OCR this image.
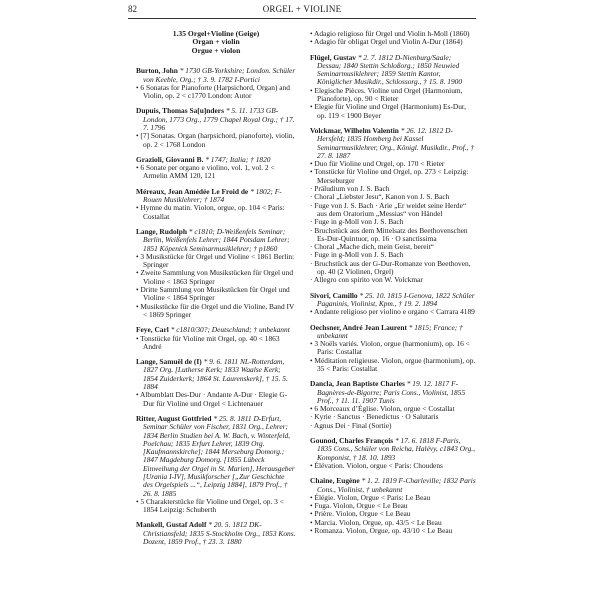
82	ORGEL + VIOLINE
1.35 Orgel+Violine (Geige)
Organ + violin
Orgue + violon

Burton, John * 1730 GB-Yorkshire; London. Schüler von Keeble, Org.; † 3. 9. 1782 I-Portici

• 6 Sonatas for Pianoforte (Harpsichord, Organ) and Violin, op. 2 < c1770 London: Autor

Dupuis, Thomas Sa[u]nders * 5. 11. 1733 GB-London, 1773 Org., 1779 Chapel Royal Org.; † 17. 7. 1796

• [7] Sonatas. Organ (harpsichord, pianoforte), violin, op. 2 < 1768 London

Grazioli, Giovanni B. * 1747; Italia; † 1820

• 6 Sonate per organo e violino, vol. 1, vol. 2 < Armelin AMM 120, 121

Méreaux, Jean Amédée Le Froid de * 1802; F-Rouen Musiklehrer; † 1874

• Hymne du matin. Violon, orgue, op. 104 < Paris: Costallat

Lange, Rudolph * c1810; D-Weißenfels Seminar; Berlin, Weißenfels Lehrer; 1844 Potsdam Lehrer; 1851 Köpenick Seminarmusiklehrer; † p1860

• 3 Musikstücke für Orgel und Violine < 1861 Berlin: Springer
• Zweite Sammlung von Musikstücken für Orgel und Violine < 1863 Springer
• Dritte Sammlung von Musikstücken für Orgel und Violine < 1864 Springer
• Musikstücke für die Orgel und die Violine, Band IV < 1869 Springer

Feye, Carl * c1810/30?; Deutschland; † unbekannt

• Tonstücke für Violine mit Orgel, op. 40 < 1863 André

Lange, Samuël de (I) * 9. 6. 1811 NL-Rotterdam, 1827 Org. [Lutherse Kerk; 1833 Waalse Kerk; 1854 Zuiderkerk; 1864 St. Laurenskerk], † 15. 5. 1884

• Albumblatt Des-Dur · Andante A-Dur · Elegie G-Dur für Violine und Orgel < Lichtenauer

Ritter, August Gottfried * 25. 8. 1811 D-Erfurt, Seminar Schüler von Fischer, 1831 Org., Lehrer; 1834 Berlin Studien bei A. W. Bach, v. Winterfeld, Poelchau; 1835 Erfurt Lehrer, 1839 Org. [Kaufmannskirche]; 1844 Merseburg Domorg.; 1847 Magdeburg Domorg. [1855 Lübeck Einweihung der Orgel in St. Marien], Herausgeber [Urania I-IV], Musikforscher [„Zur Geschichte des Orgelspiels ...“, Leipzig 1884], 1879 Prof., † 26. 8. 1885

• 5 Charakterstücke für Violine und Orgel, op. 3 < 1854 Leipzig: Schuberth

Mankell, Gustaf Adolf * 20. 5. 1812 DK-Christiansfeld; 1835 S-Stockholm Org., 1853 Kons. Dozent, 1859 Prof., † 23. 3. 1880

• Adagio religioso für Orgel und Violin h-Moll (1860)
• Adagio für obligat Orgel und Violin A-Dur (1864)

Flügel, Gustav * 2. 7. 1812 D-Nienburg/Saale; Dessau; 1840 Stettin Schloßorg.; 1850 Neuwied Seminarmusiklehrer; 1859 Stettin Kantor, Königlicher Musikdir., Schlossorg., † 15. 8. 1900

• Elegische Pièces. Violine und Orgel (Harmonium, Pianoforte), op. 90 < Rieter
• Elegie für Violine und Orgel (Harmonium) Es-Dur, op. 119 < 1900 Beyer

Volckmar, Wilhelm Valentin * 26. 12. 1812 D-Hersfeld; 1835 Homberg bei Kassel Seminarmusiklehrer, Org., Königl. Musikdir., Prof., † 27. 8. 1887

• Duo für Violine und Orgel, op. 170 < Rieter
• Tonstücke für Violine und Orgel, op. 273 < Leipzig: Merseburger
· Präludium von J. S. Bach
· Choral „Liebster Jesu“, Kanon von J. S. Bach
· Fuge von J. S. Bach · Arie „Er weidet seine Herde“ aus dem Oratorium „Messias“ von Händel
· Fuge in g-Moll von J. S. Bach
· Bruchstück aus dem Mittelsatz des Beethovenschen Es-Dur-Quintuor, op. 16 · O sanctissima
· Choral „Mache dich, mein Geist, bereit“
· Fuge in g-Moll von J. S. Bach
· Bruchstück aus der G-Dur-Romanze von Beethoven, op. 40 (2 Violinen, Orgel)
· Allegro con spirito von W. Volckmar

Sivori, Camillo * 25. 10. 1815 I-Genova, 1822 Schüler Paganinis, Violinist, Kpm., † 19. 2. 1894

• Andante religioso per violino e organo < Carrara 4189

Oechsner, André Jean Laurent * 1815; France; † unbekannt

• 3 Noëls variés. Violon, orgue (harmonium), op. 16 < Paris: Costallat
• Méditation religieuse. Violon, orgue (harmonium), op. 35 < Paris: Costallat

Dancla, Jean Baptiste Charles * 19. 12. 1817 F-Bagnères-de-Bigorre; Paris Cons., Violinist, 1855 Prof., † 11. 11. 1907 Tunis

• 6 Morceaux d’Église. Violon, orgue < Costallat
· Kyrie · Sanctus · Benedictus · O Salutaris
· Agnus Dei · Final (Sortie)

Gounod, Charles François * 17. 6. 1818 F-Paris, 1835 Cons., Schüler von Reicha, Halévy, c1843 Org., Komponist, † 18. 10. 1893

• Élévation. Violon, orgue < Paris: Choudens

Chaine, Eugène * 1. 2. 1819 F-Charleville; 1832 Paris Cons., Violinist, † unbekannt

• Élégie. Violon, Orgue < Paris: Le Beau
• Fuga. Violon, Orgue < Le Beau
• Prière. Violon, Orgue < Le Beau
• Marcia. Violon, Orgue, op. 43/5 < Le Beau
• Romanza. Violon, Orgue, op. 43/10 < Le Beau
